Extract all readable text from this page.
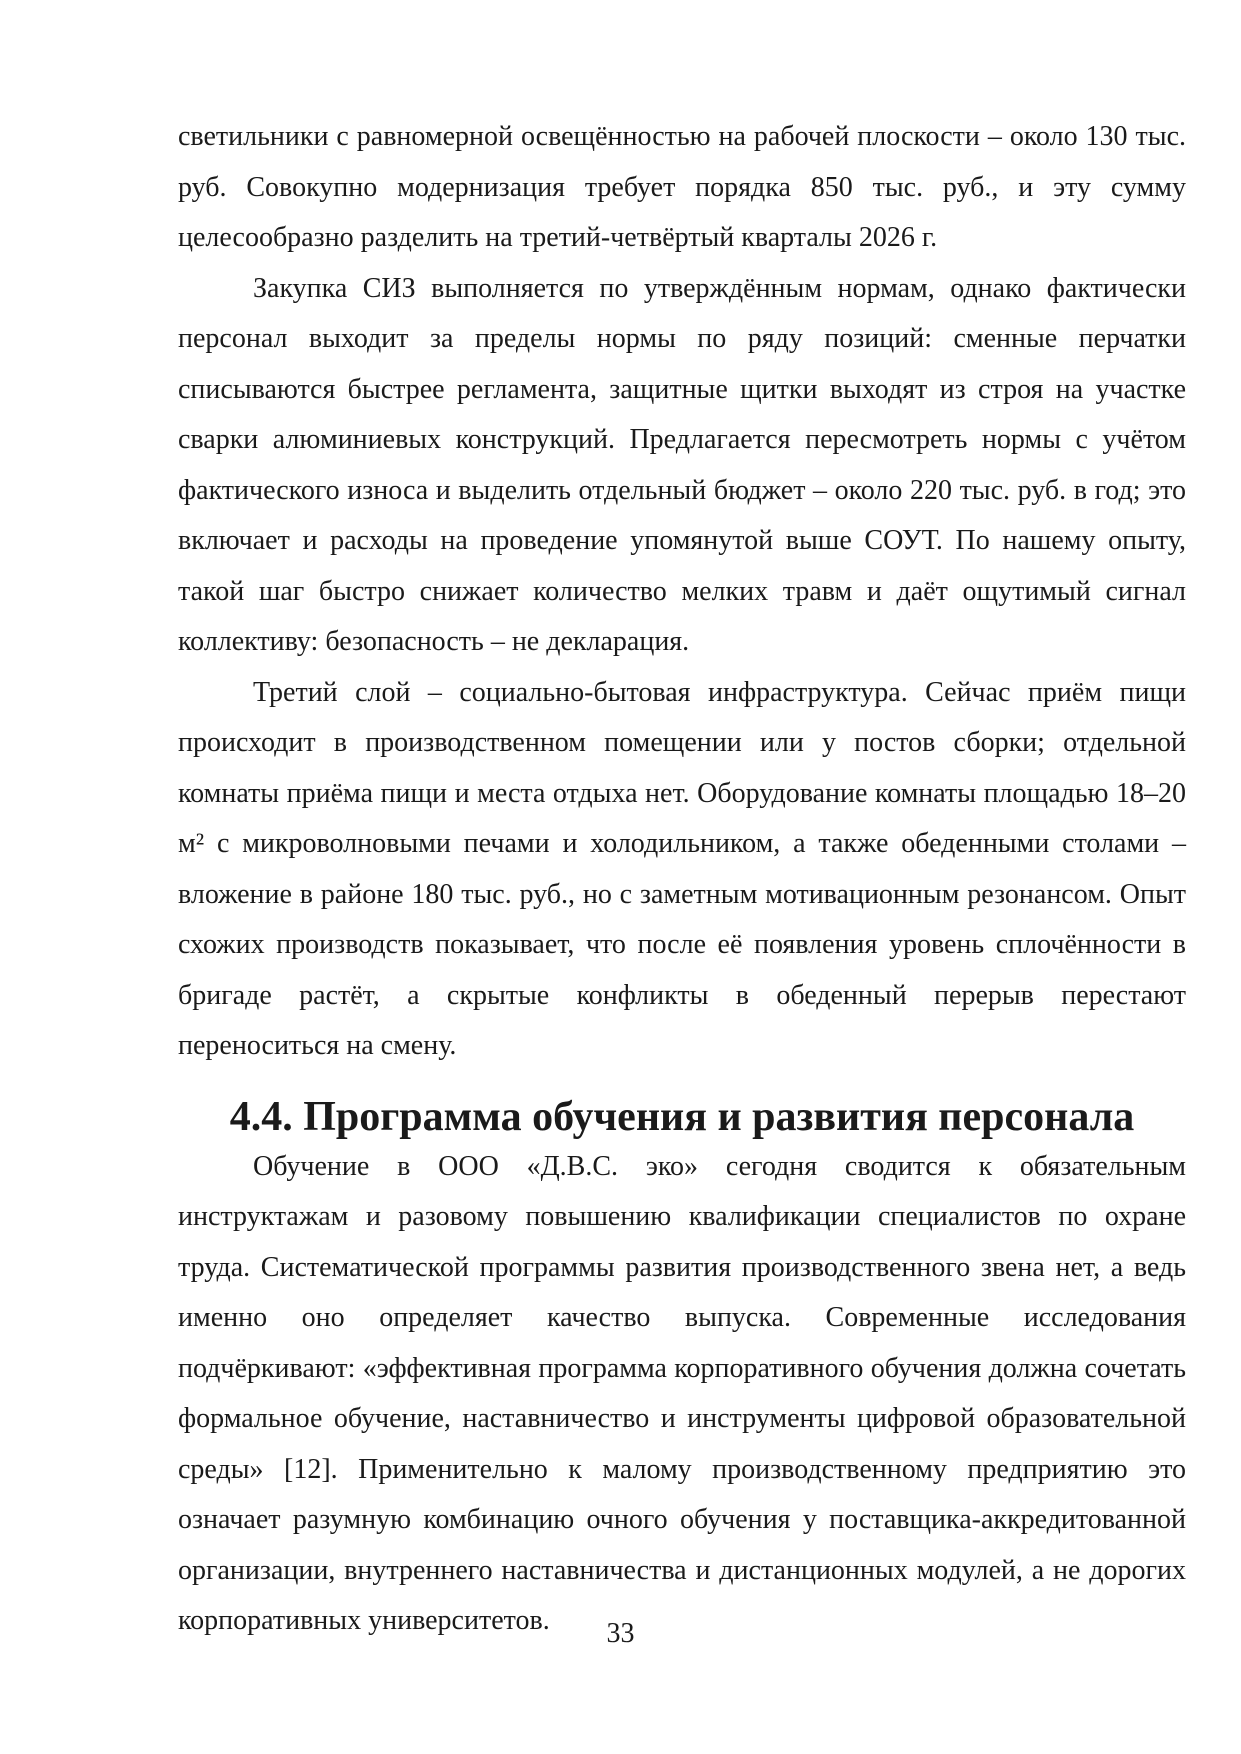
светильники с равномерной освещённостью на рабочей плоскости – около 130 тыс. руб. Совокупно модернизация требует порядка 850 тыс. руб., и эту сумму целесообразно разделить на третий-четвёртый кварталы 2026 г.

Закупка СИЗ выполняется по утверждённым нормам, однако фактически персонал выходит за пределы нормы по ряду позиций: сменные перчатки списываются быстрее регламента, защитные щитки выходят из строя на участке сварки алюминиевых конструкций. Предлагается пересмотреть нормы с учётом фактического износа и выделить отдельный бюджет – около 220 тыс. руб. в год; это включает и расходы на проведение упомянутой выше СОУТ. По нашему опыту, такой шаг быстро снижает количество мелких травм и даёт ощутимый сигнал коллективу: безопасность – не декларация.

Третий слой – социально-бытовая инфраструктура. Сейчас приём пищи происходит в производственном помещении или у постов сборки; отдельной комнаты приёма пищи и места отдыха нет. Оборудование комнаты площадью 18–20 м² с микроволновыми печами и холодильником, а также обеденными столами – вложение в районе 180 тыс. руб., но с заметным мотивационным резонансом. Опыт схожих производств показывает, что после её появления уровень сплочённости в бригаде растёт, а скрытые конфликты в обеденный перерыв перестают переноситься на смену.

4.4. Программа обучения и развития персонала

Обучение в ООО «Д.В.С. эко» сегодня сводится к обязательным инструктажам и разовому повышению квалификации специалистов по охране труда. Систематической программы развития производственного звена нет, а ведь именно оно определяет качество выпуска. Современные исследования подчёркивают: «эффективная программа корпоративного обучения должна сочетать формальное обучение, наставничество и инструменты цифровой образовательной среды» [12]. Применительно к малому производственному предприятию это означает разумную комбинацию очного обучения у поставщика-аккредитованной организации, внутреннего наставничества и дистанционных модулей, а не дорогих корпоративных университетов.	33
